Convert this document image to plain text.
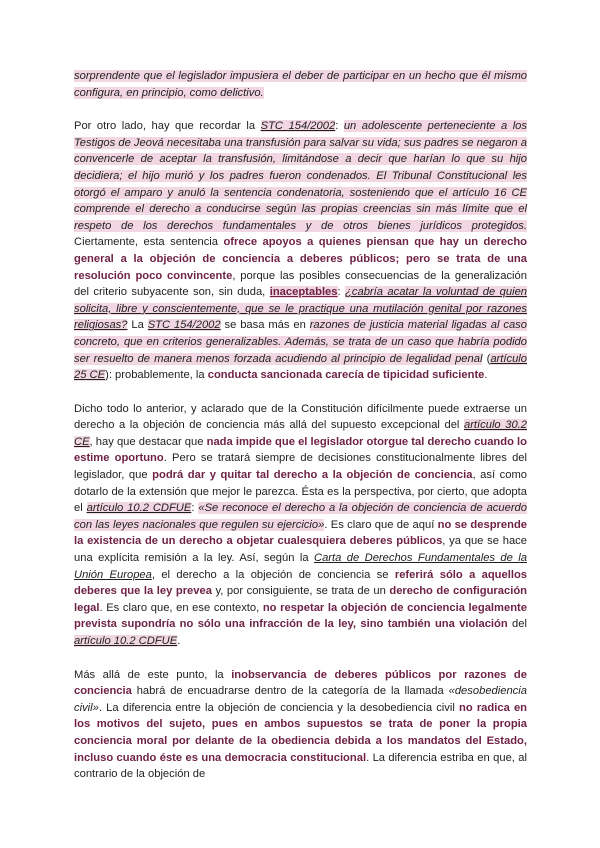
sorprendente que el legislador impusiera el deber de participar en un hecho que él mismo configura, en principio, como delictivo.

Por otro lado, hay que recordar la STC 154/2002: un adolescente perteneciente a los Testigos de Jeová necesitaba una transfusión para salvar su vida; sus padres se negaron a convencerle de aceptar la transfusión, limitándose a decir que harían lo que su hijo decidiera; el hijo murió y los padres fueron condenados. El Tribunal Constitucional les otorgó el amparo y anuló la sentencia condenatoria, sosteniendo que el artículo 16 CE comprende el derecho a conducirse según las propias creencias sin más límite que el respeto de los derechos fundamentales y de otros bienes jurídicos protegidos. Ciertamente, esta sentencia ofrece apoyos a quienes piensan que hay un derecho general a la objeción de conciencia a deberes públicos; pero se trata de una resolución poco convincente, porque las posibles consecuencias de la generalización del criterio subyacente son, sin duda, inaceptables: ¿cabría acatar la voluntad de quien solicita, libre y conscientemente, que se le practique una mutilación genital por razones religiosas? La STC 154/2002 se basa más en razones de justicia material ligadas al caso concreto, que en criterios generalizables. Además, se trata de un caso que habría podido ser resuelto de manera menos forzada acudiendo al principio de legalidad penal (artículo 25 CE): probablemente, la conducta sancionada carecía de tipicidad suficiente.

Dicho todo lo anterior, y aclarado que de la Constitución difícilmente puede extraerse un derecho a la objeción de conciencia más allá del supuesto excepcional del artículo 30.2 CE, hay que destacar que nada impide que el legislador otorgue tal derecho cuando lo estime oportuno. Pero se tratará siempre de decisiones constitucionalmente libres del legislador, que podrá dar y quitar tal derecho a la objeción de conciencia, así como dotarlo de la extensión que mejor le parezca. Ésta es la perspectiva, por cierto, que adopta el artículo 10.2 CDFUE: «Se reconoce el derecho a la objeción de conciencia de acuerdo con las leyes nacionales que regulen su ejercicio». Es claro que de aquí no se desprende la existencia de un derecho a objetar cualesquiera deberes públicos, ya que se hace una explícita remisión a la ley. Así, según la Carta de Derechos Fundamentales de la Unión Europea, el derecho a la objeción de conciencia se referirá sólo a aquellos deberes que la ley prevea y, por consiguiente, se trata de un derecho de configuración legal. Es claro que, en ese contexto, no respetar la objeción de conciencia legalmente prevista supondría no sólo una infracción de la ley, sino también una violación del artículo 10.2 CDFUE.

Más allá de este punto, la inobservancia de deberes públicos por razones de conciencia habrá de encuadrarse dentro de la categoría de la llamada «desobediencia civil». La diferencia entre la objeción de conciencia y la desobediencia civil no radica en los motivos del sujeto, pues en ambos supuestos se trata de poner la propia conciencia moral por delante de la obediencia debida a los mandatos del Estado, incluso cuando éste es una democracia constitucional. La diferencia estriba en que, al contrario de la objeción de
